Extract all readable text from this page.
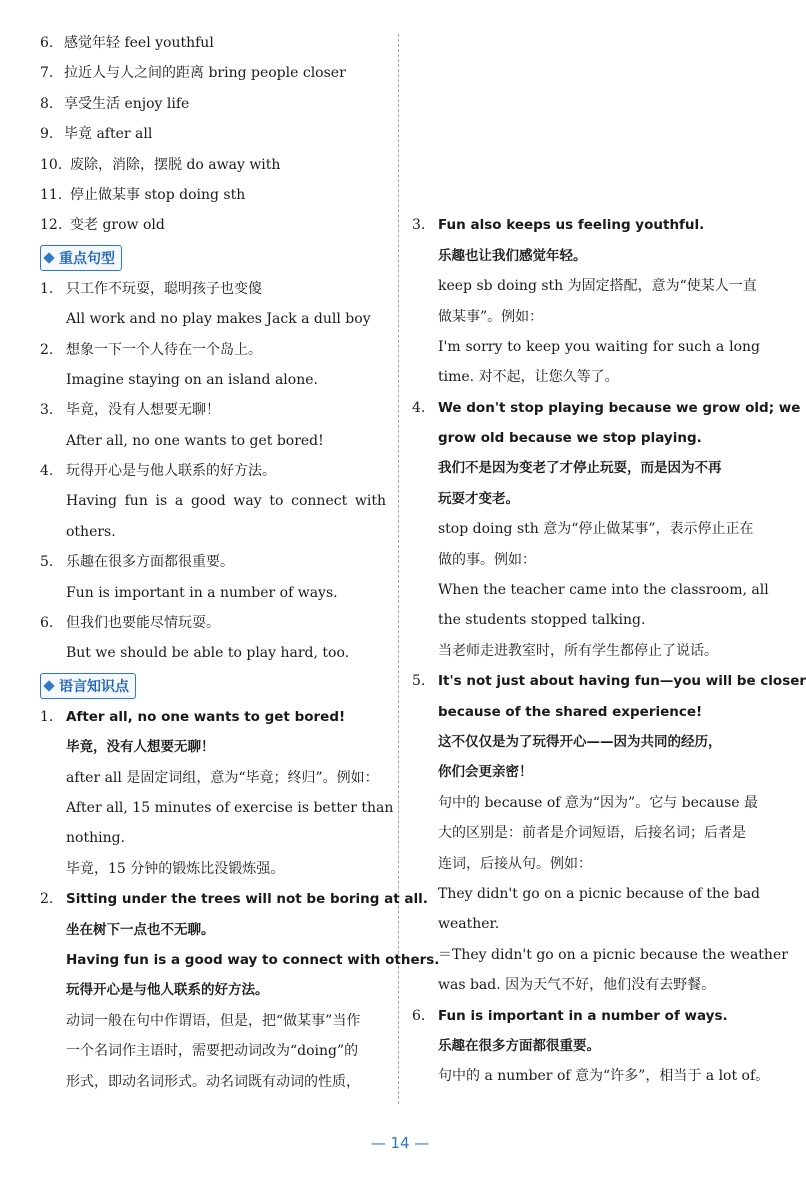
6. 感觉年轻 feel youthful
7. 拉近人与人之间的距离 bring people closer
8. 享受生活 enjoy life
9. 毕竟 after all
10. 废除，消除，摆脱 do away with
11. 停止做某事 stop doing sth
12. 变老 grow old
重点句型
1. 只工作不玩耍，聪明孩子也变傻
All work and no play makes Jack a dull boy
2. 想象一下一个人待在一个岛上。
Imagine staying on an island alone.
3. 毕竟，没有人想要无聊！
After all, no one wants to get bored!
4. 玩得开心是与他人联系的好方法。
Having fun is a good way to connect with
others.
5. 乐趣在很多方面都很重要。
Fun is important in a number of ways.
6. 但我们也要能尽情玩耍。
But we should be able to play hard, too.
语言知识点
1. After all, no one wants to get bored!
毕竟，没有人想要无聊！
after all 是固定词组，意为“毕竟；终归”。例如：
After all, 15 minutes of exercise is better than
nothing.
毕竟，15 分钟的锻炼比没锻炼强。
2. Sitting under the trees will not be boring at all.
坐在树下一点也不无聊。
Having fun is a good way to connect with others.
玩得开心是与他人联系的好方法。
动词一般在句中作谓语，但是，把“做某事”当作
一个名词作主语时，需要把动词改为“doing”的
形式，即动名词形式。动名词既有动词的性质，
3. Fun also keeps us feeling youthful.
乐趣也让我们感觉年轻。
keep sb doing sth 为固定搭配，意为“使某人一直
做某事”。例如：
I'm sorry to keep you waiting for such a long
time. 对不起，让您久等了。
4. We don't stop playing because we grow old; we
grow old because we stop playing.
我们不是因为变老了才停止玩耍，而是因为不再
玩耍才变老。
stop doing sth 意为“停止做某事”，表示停止正在
做的事。例如：
When the teacher came into the classroom, all
the students stopped talking.
当老师走进教室时，所有学生都停止了说话。
5. It's not just about having fun—you will be closer
because of the shared experience!
这不仅仅是为了玩得开心——因为共同的经历，
你们会更亲密！
句中的 because of 意为“因为”。它与 because 最
大的区别是：前者是介词短语，后接名词；后者是
连词，后接从句。例如：
They didn't go on a picnic because of the bad
weather.
＝They didn't go on a picnic because the weather
was bad. 因为天气不好，他们没有去野餐。
6. Fun is important in a number of ways.
乐趣在很多方面都很重要。
句中的 a number of 意为“许多”，相当于 a lot of。
— 14 —
